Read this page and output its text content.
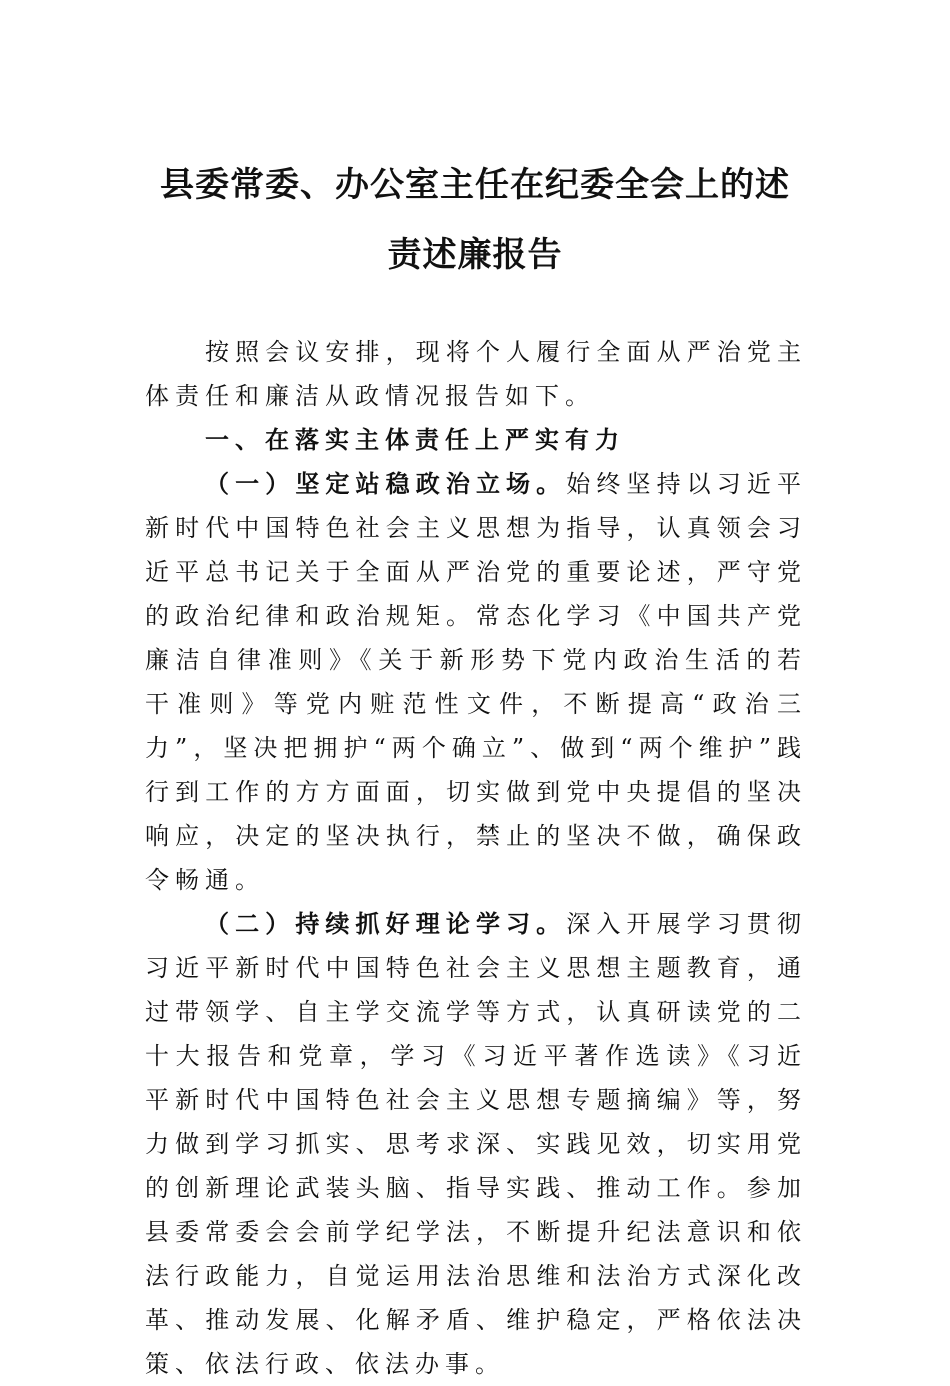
县委常委、办公室主任在纪委全会上的述
责述廉报告

按照会议安排，现将个人履行全面从严治党主体责任和廉洁从政情况报告如下。

一、在落实主体责任上严实有力

（一）坚定站稳政治立场。始终坚持以习近平新时代中国特色社会主义思想为指导，认真领会习近平总书记关于全面从严治党的重要论述，严守党的政治纪律和政治规矩。常态化学习《中国共产党廉洁自律准则》《关于新形势下党内政治生活的若干准则》等党内赃范性文件，不断提高“政治三力”，坚决把拥护“两个确立”、做到“两个维护”践行到工作的方方面面，切实做到党中央提倡的坚决响应，决定的坚决执行，禁止的坚决不做，确保政令畅通。

（二）持续抓好理论学习。深入开展学习贯彻习近平新时代中国特色社会主义思想主题教育，通过带领学、自主学交流学等方式，认真研读党的二十大报告和党章，学习《习近平著作选读》《习近平新时代中国特色社会主义思想专题摘编》等，努力做到学习抓实、思考求深、实践见效，切实用党的创新理论武装头脑、指导实践、推动工作。参加县委常委会会前学纪学法，不断提升纪法意识和依法行政能力，自觉运用法治思维和法治方式深化改革、推动发展、化解矛盾、维护稳定，严格依法决策、依法行政、依法办事。
